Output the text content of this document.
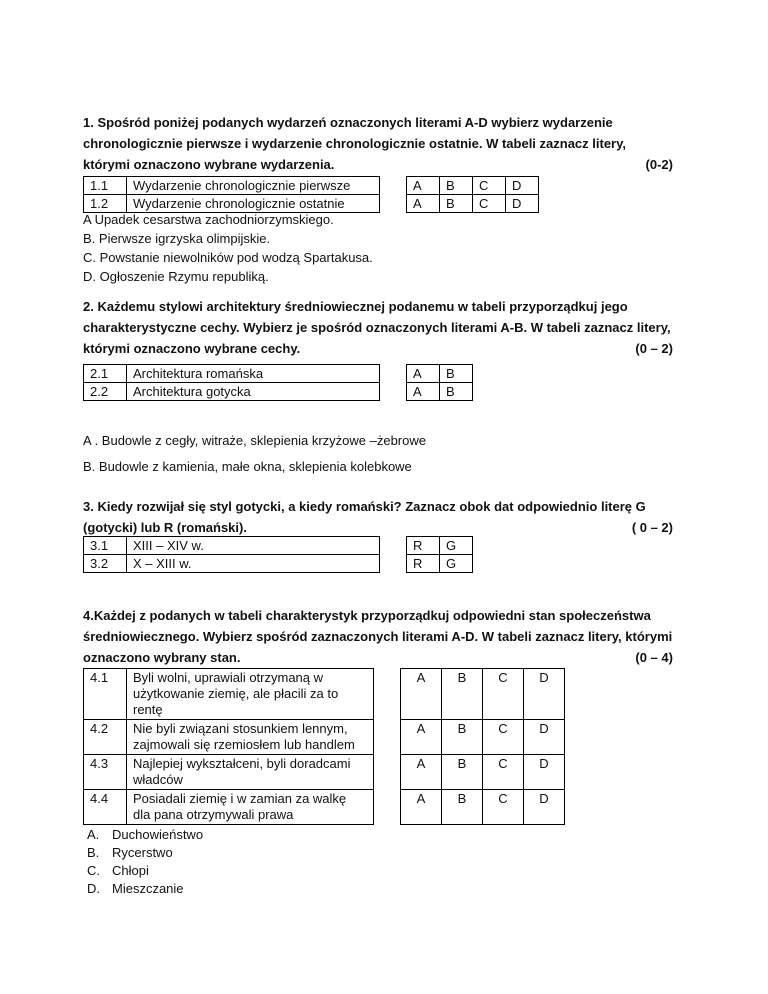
1. Spośród poniżej podanych wydarzeń oznaczonych literami A-D wybierz wydarzenie chronologicznie pierwsze i wydarzenie chronologicznie ostatnie. W tabeli zaznacz litery, którymi oznaczono wybrane wydarzenia.	(0-2)

1.1	Wydarzenie chronologicznie pierwsze		A	B	C	D
1.2	Wydarzenie chronologicznie ostatnie		A	B	C	D
A Upadek cesarstwa zachodniorzymskiego.
B. Pierwsze igrzyska olimpijskie.
C. Powstanie niewolników pod wodzą Spartakusa.
D. Ogłoszenie Rzymu republiką.

2. Każdemu stylowi architektury średniowiecznej podanemu w tabeli przyporządkuj jego charakterystyczne cechy. Wybierz je spośród oznaczonych literami A-B. W tabeli zaznacz litery, którymi oznaczono wybrane cechy.	(0 – 2)

2.1	Architektura romańska		A	B
2.2	Architektura gotycka		A	B
A . Budowle z cegły, witraże, sklepienia krzyżowe –żebrowe
B. Budowle z kamienia, małe okna, sklepienia kolebkowe

3. Kiedy rozwijał się styl gotycki, a kiedy romański? Zaznacz obok dat odpowiednio literę G (gotycki) lub R (romański).	( 0 – 2)

3.1	XIII – XIV w.		R	G
3.2	X – XIII w.		R	G

4.Każdej z podanych w tabeli charakterystyk przyporządkuj odpowiedni stan społeczeństwa średniowiecznego. Wybierz spośród zaznaczonych literami A-D. W tabeli zaznacz litery, którymi oznaczono wybrany stan.	(0 – 4)

4.1	Byli wolni, uprawiali otrzymaną w użytkowanie ziemię, ale płacili za to rentę		A	B	C	D
4.2	Nie byli związani stosunkiem lennym, zajmowali się rzemiosłem lub handlem		A	B	C	D
4.3	Najlepiej wykształceni, byli doradcami władców		A	B	C	D
4.4	Posiadali ziemię i w zamian za walkę dla pana otrzymywali prawa		A	B	C	D
A. Duchowieństwo
B. Rycerstwo
C. Chłopi
D. Mieszczanie
